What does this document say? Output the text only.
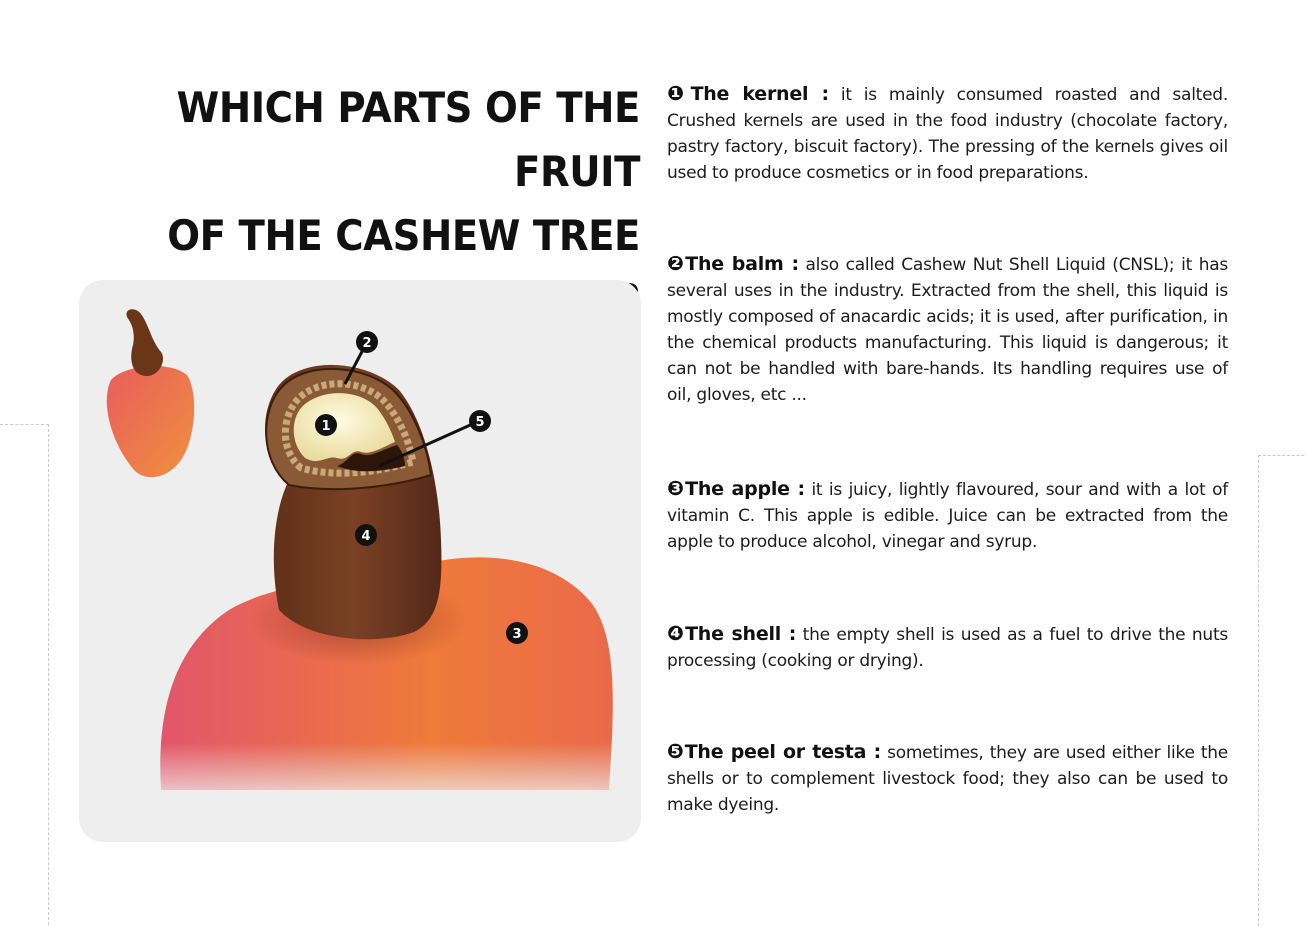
WHICH PARTS OF THE FRUIT
OF THE CASHEW TREE

2
1	5
4
3

❶The kernel : it is mainly consumed roasted and salted. Crushed kernels are used in the food industry (chocolate factory, pastry factory, biscuit factory). The pressing of the kernels gives oil used to produce cosmetics or in food preparations.

❷The balm : also called Cashew Nut Shell Liquid (CNSL); it has several uses in the industry. Extracted from the shell, this liquid is mostly composed of anacardic acids; it is used, after purification, in the chemical products manufacturing. This liquid is dangerous; it can not be handled with bare-hands. Its handling requires use of oil, gloves, etc ...

❸The apple : it is juicy, lightly flavoured, sour and with a lot of vitamin C. This apple is edible. Juice can be extracted from the apple to produce alcohol, vinegar and syrup.

❹The shell : the empty shell is used as a fuel to drive the nuts processing (cooking or drying).

❺The peel or testa : sometimes, they are used either like the shells or to complement livestock food; they also can be used to make dyeing.
